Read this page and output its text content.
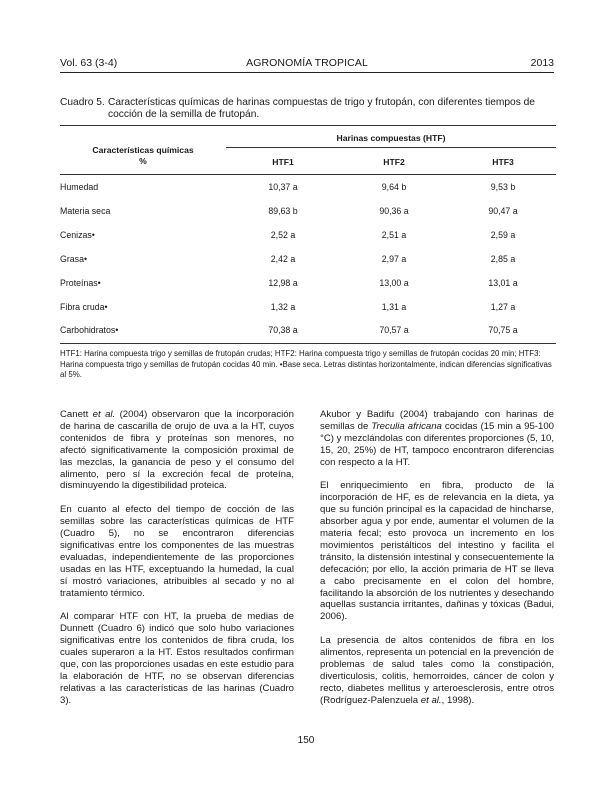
Vol. 63 (3-4)	AGRONOMÍA TROPICAL	2013
Cuadro 5. Características químicas de harinas compuestas de trigo y frutopán, con diferentes tiempos de cocción de la semilla de frutopán.
Características químicas
%
Harinas compuestas (HTF)
HTF1	HTF2	HTF3
Humedad	10,37 a	9,64 b	9,53 b
Materia seca	89,63 b	90,36 a	90,47 a
Cenizas•	2,52 a	2,51 a	2,59 a
Grasa•	2,42 a	2,97 a	2,85 a
Proteínas•	12,98 a	13,00 a	13,01 a
Fibra cruda•	1,32 a	1,31 a	1,27 a
Carbohidratos•	70,38 a	70,57 a	70,75 a
HTF1: Harina compuesta trigo y semillas de frutopán crudas; HTF2: Harina compuesta trigo y semillas de frutopán cocidas 20 min; HTF3: Harina compuesta trigo y semillas de frutopán cocidas 40 min. •Base seca. Letras distintas horizontalmente, indican diferencias significativas al 5%.

Canett et al. (2004) observaron que la incorporación de harina de cascarilla de orujo de uva a la HT, cuyos contenidos de fibra y proteínas son menores, no afectó significativamente la composición proximal de las mezclas, la ganancia de peso y el consumo del alimento, pero sí la excreción fecal de proteína, disminuyendo la digestibilidad proteica.

En cuanto al efecto del tiempo de cocción de las semillas sobre las características químicas de HTF (Cuadro 5), no se encontraron diferencias significativas entre los componentes de las muestras evaluadas, independientemente de las proporciones usadas en las HTF, exceptuando la humedad, la cual sí mostró variaciones, atribuibles al secado y no al tratamiento térmico.

Al comparar HTF con HT, la prueba de medias de Dunnett (Cuadro 6) indicó que solo hubo variaciones significativas entre los contenidos de fibra cruda, los cuales superaron a la HT. Estos resultados confirman que, con las proporciones usadas en este estudio para la elaboración de HTF, no se observan diferencias relativas a las características de las harinas (Cuadro 3).

Akubor y Badifu (2004) trabajando con harinas de semillas de Treculia africana cocidas (15 min a 95-100 °C) y mezclándolas con diferentes proporciones (5, 10, 15, 20, 25%) de HT, tampoco encontraron diferencias con respecto a la HT.

El enriquecimiento en fibra, producto de la incorporación de HF, es de relevancia en la dieta, ya que su función principal es la capacidad de hincharse, absorber agua y por ende, aumentar el volumen de la materia fecal; esto provoca un incremento en los movimientos peristálticos del intestino y facilita el tránsito, la distensión intestinal y consecuentemente la defecación; por ello, la acción primaria de HT se lleva a cabo precisamente en el colon del hombre, facilitando la absorción de los nutrientes y desechando aquellas sustancia irritantes, dañinas y tóxicas (Badui, 2006).

La presencia de altos contenidos de fibra en los alimentos, representa un potencial en la prevención de problemas de salud tales como la constipación, diverticulosis, colitis, hemorroides, cáncer de colon y recto, diabetes mellitus y arteroesclerosis, entre otros (Rodríguez-Palenzuela et al., 1998).

150
